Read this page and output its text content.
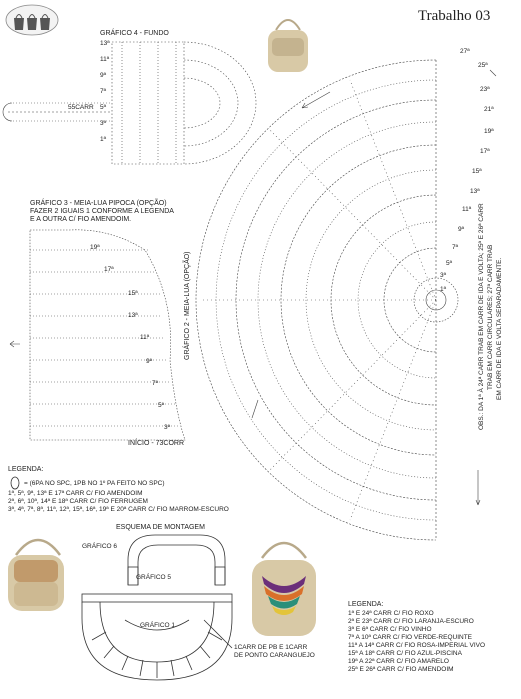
Trabalho 03
GRÁFICO 4 - FUNDO
13ª
11ª
9ª
7ª
5ª
3ª
1ª
55CARR
GRÁFICO 3 - MEIA-LUA PIPOCA (OPÇÃO)
FAZER 2 IGUAIS 1 CONFORME A LEGENDA
E A OUTRA C/ FIO AMENDOIM.
19ª
17ª
15ª
13ª
11ª
9ª
7ª
5ª
3ª
INÍCIO - 73CORR
GRÁFICO 2 - MEIA-LUA (OPÇÃO)
27ª
25ª
23ª
21ª
19ª
17ª
15ª
13ª
11ª
9ª
7ª
5ª
3ª
1ª	OBS.: DA 1ª À 24ª CARR TRAB EM CARR DE IDA E VOLTA; 25ª E 26ª CARR TRAB EM CARR CIRCULARES; 27ª CARR TRAB EM CARR DE IDA E VOLTA SEPARADAMENTE.
LEGENDA:
= (6PA NO SPC, 1PB NO 1º PA FEITO NO SPC)
1ª, 5ª, 9ª, 13ª E 17ª CARR C/ FIO AMENDOIM
2ª, 6ª, 10ª, 14ª E 18ª CARR C/ FIO FERRUGEM
3ª, 4ª, 7ª, 8ª, 11ª, 12ª, 15ª, 16ª, 19ª E 20ª CARR C/ FIO MARROM-ESCURO
ESQUEMA DE MONTAGEM
GRÁFICO 6
GRÁFICO 5
GRÁFICO 1
1CARR DE PB E 1CARR
DE PONTO CARANGUEJO
LEGENDA:
1ª E 24ª CARR C/ FIO ROXO
2ª E 23ª CARR C/ FIO LARANJA-ESCURO
3ª E 6ª CARR C/ FIO VINHO
7ª A 10ª CARR C/ FIO VERDE-REQUINTE
11ª A 14ª CARR C/ FIO ROSA-IMPERIAL VIVO
15ª A 18ª CARR C/ FIO AZUL-PISCINA
19ª A 22ª CARR C/ FIO AMARELO
25ª E 26ª CARR C/ FIO AMENDOIM
